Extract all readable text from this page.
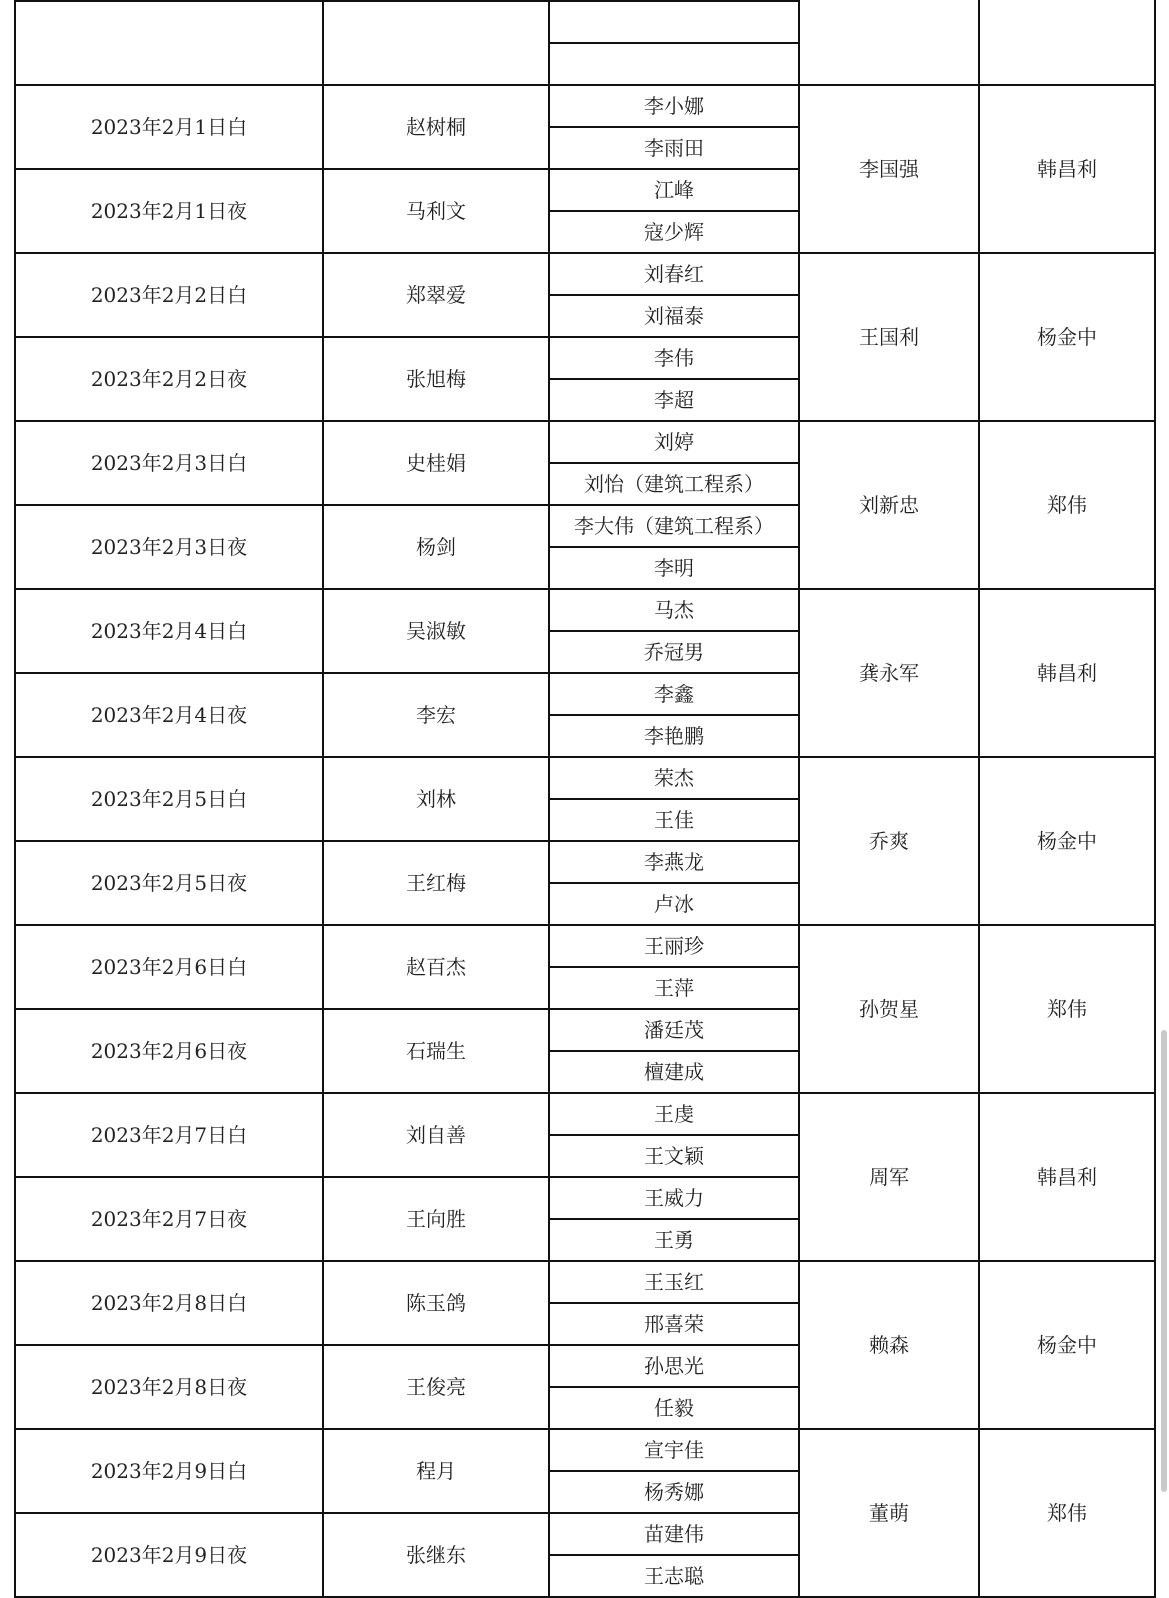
2023年2月1日白	赵树桐	李小娜	李国强	韩昌利
		李雨田		
2023年2月1日夜	马利文	江峰		
		寇少辉		
2023年2月2日白	郑翠爱	刘春红	王国利	杨金中
		刘福泰		
2023年2月2日夜	张旭梅	李伟		
		李超		
2023年2月3日白	史桂娟	刘婷	刘新忠	郑伟
		刘怡（建筑工程系）		
2023年2月3日夜	杨剑	李大伟（建筑工程系）		
		李明		
2023年2月4日白	吴淑敏	马杰	龚永军	韩昌利
		乔冠男		
2023年2月4日夜	李宏	李鑫		
		李艳鹏		
2023年2月5日白	刘林	荣杰	乔爽	杨金中
		王佳		
2023年2月5日夜	王红梅	李燕龙		
		卢冰		
2023年2月6日白	赵百杰	王丽珍	孙贺星	郑伟
		王萍		
2023年2月6日夜	石瑞生	潘廷茂		
		檀建成		
2023年2月7日白	刘自善	王虔	周军	韩昌利
		王文颖		
2023年2月7日夜	王向胜	王威力		
		王勇		
2023年2月8日白	陈玉鸽	王玉红	赖森	杨金中
		邢喜荣		
2023年2月8日夜	王俊亮	孙思光		
		任毅		
2023年2月9日白	程月	宣宇佳	董萌	郑伟
		杨秀娜		
2023年2月9日夜	张继东	苗建伟		
		王志聪		
